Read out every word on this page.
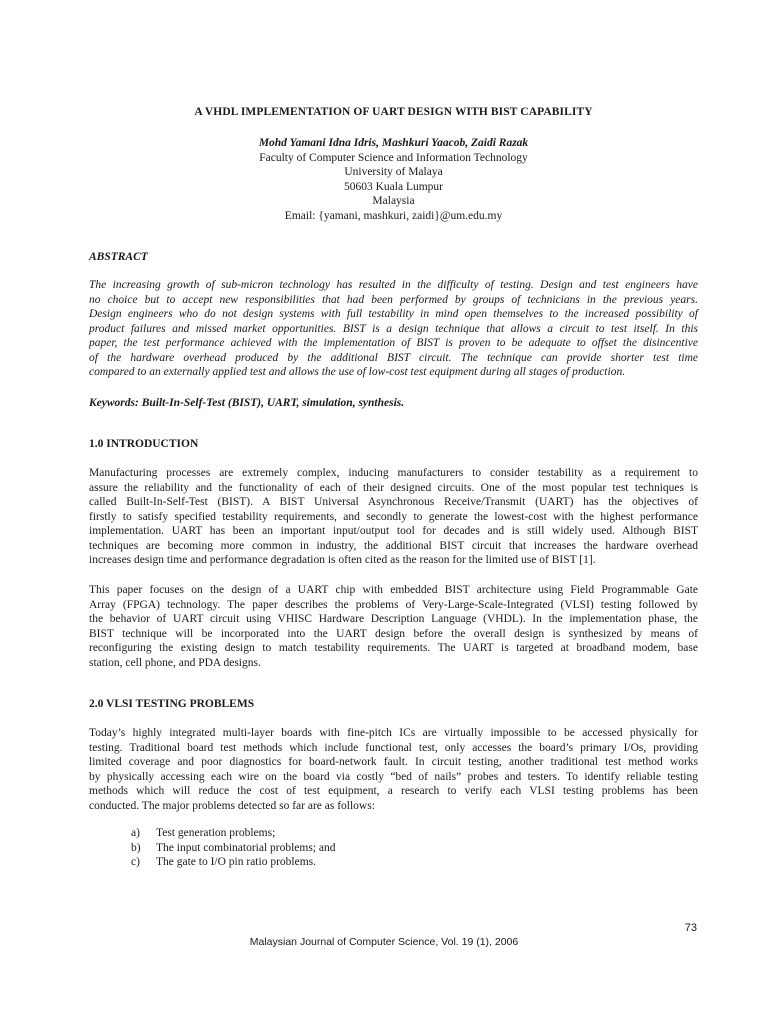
A VHDL IMPLEMENTATION OF UART DESIGN WITH BIST CAPABILITY
Mohd Yamani Idna Idris, Mashkuri Yaacob, Zaidi Razak
Faculty of Computer Science and Information Technology
University of Malaya
50603 Kuala Lumpur
Malaysia
Email: {yamani, mashkuri, zaidi}@um.edu.my
ABSTRACT
The increasing growth of sub-micron technology has resulted in the difficulty of testing. Design and test engineers have
no choice but to accept new responsibilities that had been performed by groups of technicians in the previous years.
Design engineers who do not design systems with full testability in mind open themselves to the increased possibility of
product failures and missed market opportunities. BIST is a design technique that allows a circuit to test itself. In this
paper, the test performance achieved with the implementation of BIST is proven to be adequate to offset the disincentive
of the hardware overhead produced by the additional BIST circuit. The technique can provide shorter test time
compared to an externally applied test and allows the use of low-cost test equipment during all stages of production.
Keywords: Built-In-Self-Test (BIST), UART, simulation, synthesis.
1.0 INTRODUCTION
Manufacturing processes are extremely complex, inducing manufacturers to consider testability as a requirement to
assure the reliability and the functionality of each of their designed circuits. One of the most popular test techniques is
called Built-In-Self-Test (BIST). A BIST Universal Asynchronous Receive/Transmit (UART) has the objectives of
firstly to satisfy specified testability requirements, and secondly to generate the lowest-cost with the highest performance
implementation. UART has been an important input/output tool for decades and is still widely used. Although BIST
techniques are becoming more common in industry, the additional BIST circuit that increases the hardware overhead
increases design time and performance degradation is often cited as the reason for the limited use of BIST [1].
This paper focuses on the design of a UART chip with embedded BIST architecture using Field Programmable Gate
Array (FPGA) technology. The paper describes the problems of Very-Large-Scale-Integrated (VLSI) testing followed by
the behavior of UART circuit using VHISC Hardware Description Language (VHDL). In the implementation phase, the
BIST technique will be incorporated into the UART design before the overall design is synthesized by means of
reconfiguring the existing design to match testability requirements. The UART is targeted at broadband modem, base
station, cell phone, and PDA designs.
2.0 VLSI TESTING PROBLEMS
Today’s highly integrated multi-layer boards with fine-pitch ICs are virtually impossible to be accessed physically for
testing. Traditional board test methods which include functional test, only accesses the board’s primary I/Os, providing
limited coverage and poor diagnostics for board-network fault. In circuit testing, another traditional test method works
by physically accessing each wire on the board via costly “bed of nails” probes and testers. To identify reliable testing
methods which will reduce the cost of test equipment, a research to verify each VLSI testing problems has been
conducted. The major problems detected so far are as follows:
a) Test generation problems;
b) The input combinatorial problems; and
c) The gate to I/O pin ratio problems.
73
Malaysian Journal of Computer Science, Vol. 19 (1), 2006
